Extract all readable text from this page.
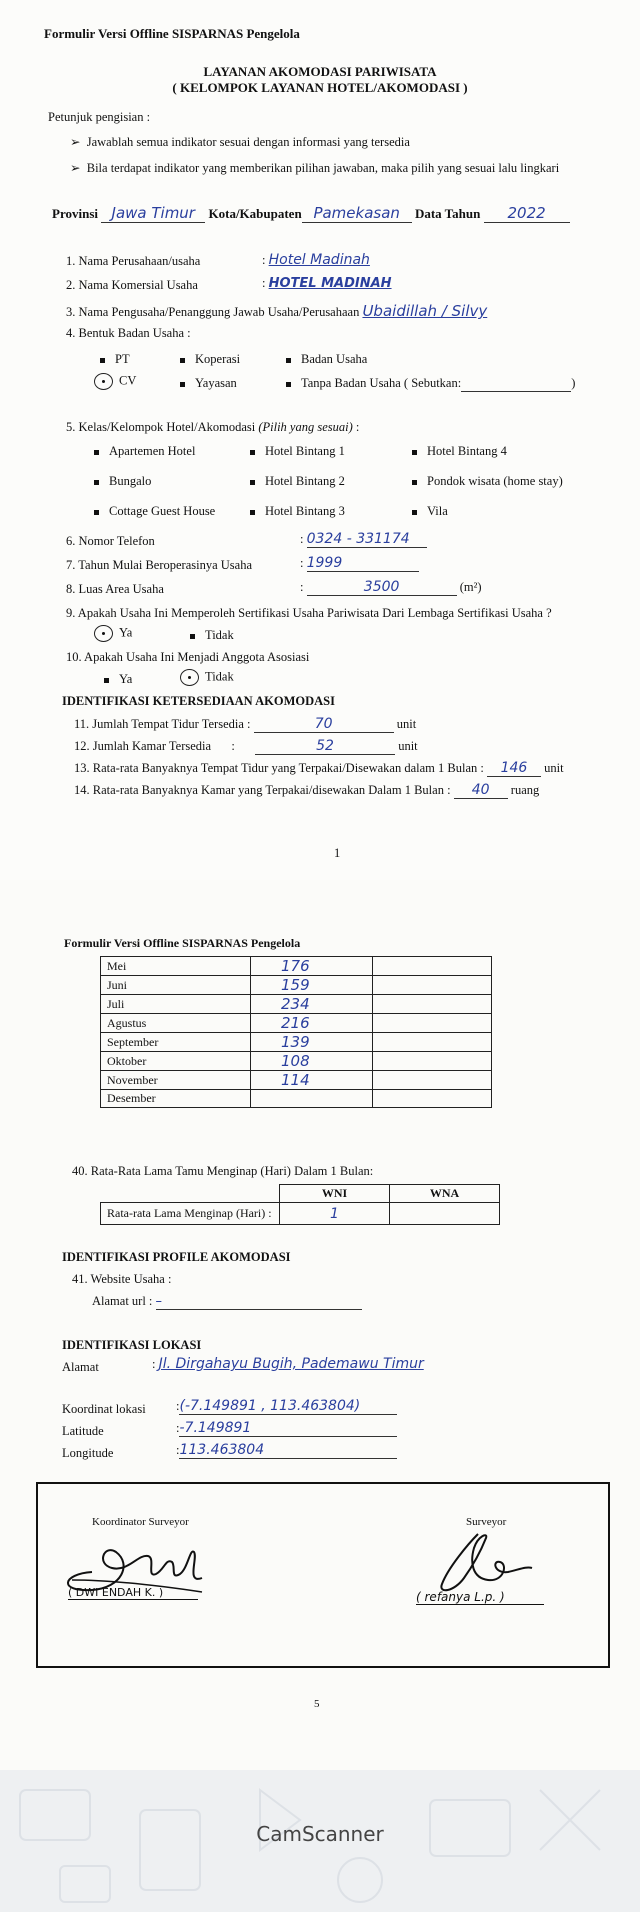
Formulir Versi Offline SISPARNAS Pengelola
LAYANAN AKOMODASI PARIWISATA
( KELOMPOK LAYANAN HOTEL/AKOMODASI )
Petunjuk pengisian :
➢ Jawablah semua indikator sesuai dengan informasi yang tersedia
➢ Bila terdapat indikator yang memberikan pilihan jawaban, maka pilih yang sesuai lalu lingkari
Provinsi Jawa Timur Kota/Kabupaten Pamekasan Data Tahun 2022
1. Nama Perusahaan/usaha	: Hotel Madinah
2. Nama Komersial Usaha	: HOTEL MADINAH
3. Nama Pengusaha/Penanggung Jawab Usaha/Perusahaan Ubaidillah / Silvy
4. Bentuk Badan Usaha :
PT	Koperasi	Badan Usaha
CV	Yayasan	Tanpa Badan Usaha ( Sebutkan:	)
5. Kelas/Kelompok Hotel/Akomodasi (Pilih yang sesuai) :
Apartemen Hotel	Hotel Bintang 1	Hotel Bintang 4
Bungalo	Hotel Bintang 2	Pondok wisata (home stay)
Cottage Guest House	Hotel Bintang 3	Vila
6. Nomor Telefon	: 0324 - 331174
7. Tahun Mulai Beroperasinya Usaha	: 1999
8. Luas Area Usaha	:	3500	(m²)
9. Apakah Usaha Ini Memperoleh Sertifikasi Usaha Pariwisata Dari Lembaga Sertifikasi Usaha ?
Ya	Tidak
10. Apakah Usaha Ini Menjadi Anggota Asosiasi
Ya	Tidak
IDENTIFIKASI KETERSEDIAAN AKOMODASI
11. Jumlah Tempat Tidur Tersedia :	70	unit
12. Jumlah Kamar Tersedia :	52	unit
13. Rata-rata Banyaknya Tempat Tidur yang Terpakai/Disewakan dalam 1 Bulan : 146 unit
14. Rata-rata Banyaknya Kamar yang Terpakai/disewakan Dalam 1 Bulan : 40 ruang
1
Formulir Versi Offline SISPARNAS Pengelola
Mei	176	
Juni	159	
Juli	234	
Agustus	216	
September	139	
Oktober	108	
November	114	
Desember		
40. Rata-Rata Lama Tamu Menginap (Hari) Dalam 1 Bulan:
	WNI	WNA
Rata-rata Lama Menginap (Hari) :	1	
IDENTIFIKASI PROFILE AKOMODASI
41. Website Usaha :
Alamat url : –
IDENTIFIKASI LOKASI
Alamat	: Jl. Dirgahayu Bugih, Pademawu Timur
Koordinat lokasi :(-7.149891 , 113.463804)
Latitude	:-7.149891
Longitude	:113.463804
Koordinator Surveyor	Surveyor
( DWI ENDAH K. )	( refanya L.p. )
5
CamScanner
